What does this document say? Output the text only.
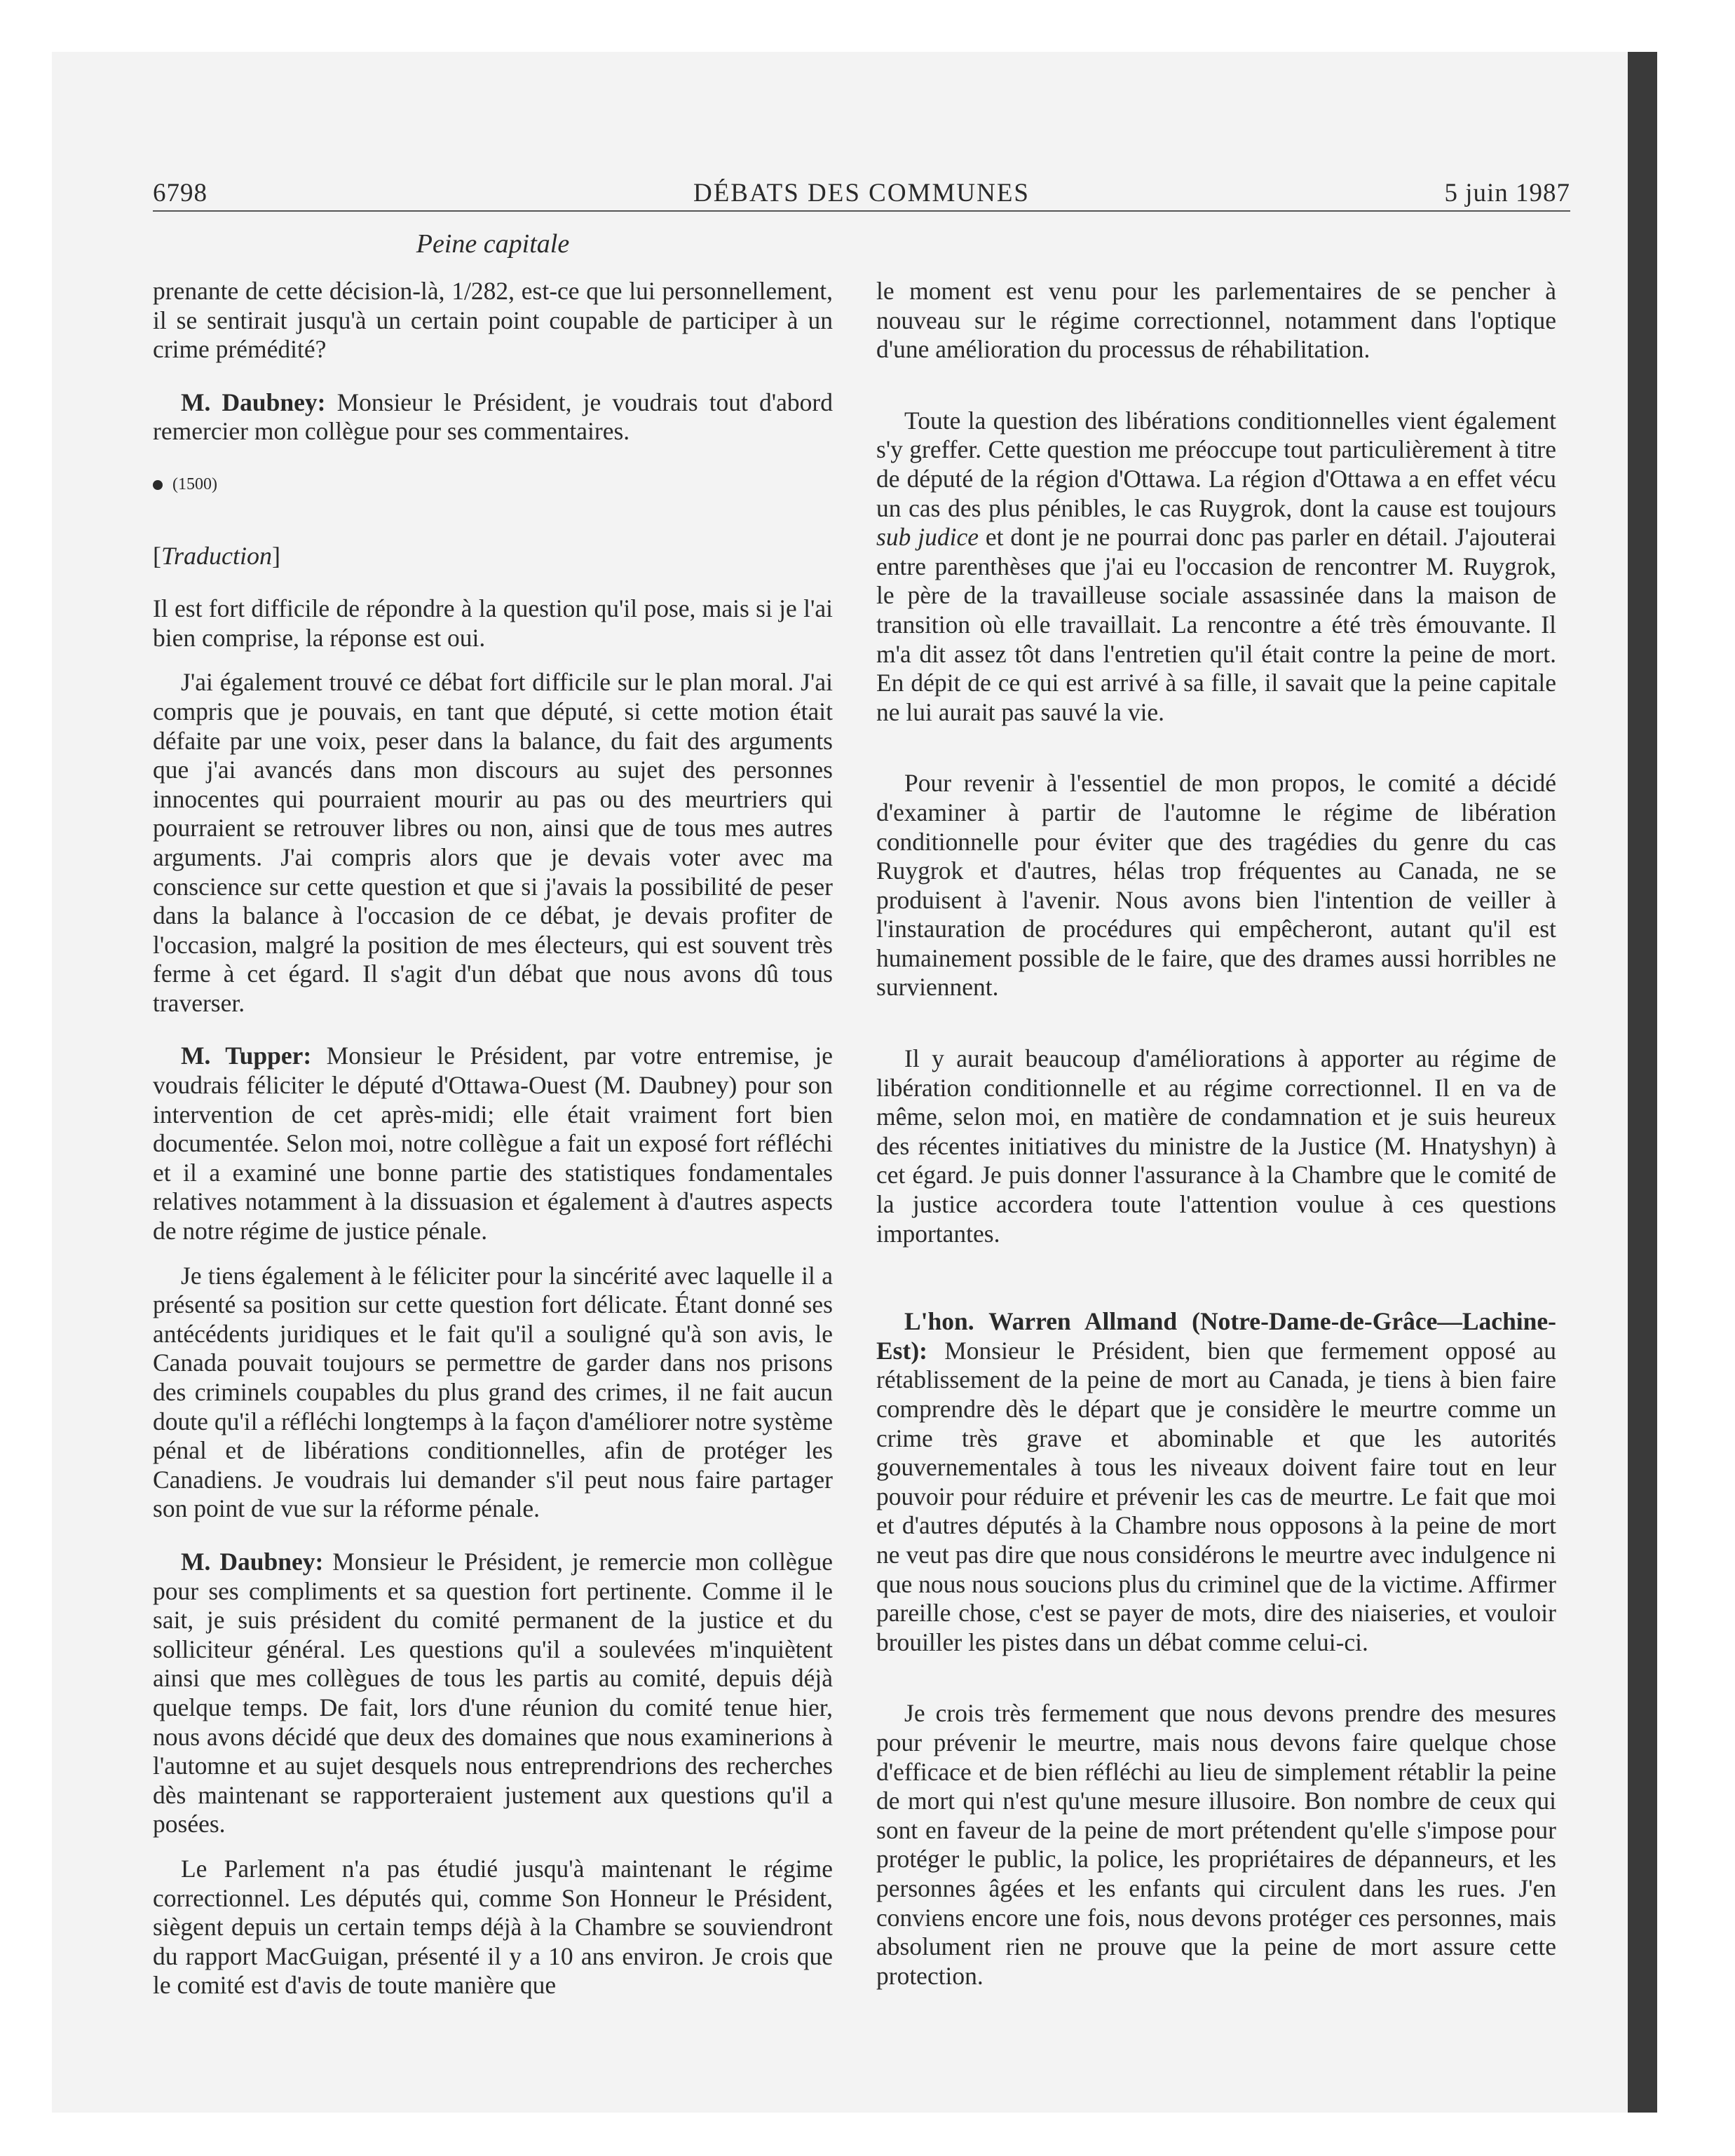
6798	DÉBATS DES COMMUNES	5 juin 1987
Peine capitale

prenante de cette décision-là, 1/282, est-ce que lui personnellement, il se sentirait jusqu'à un certain point coupable de participer à un crime prémédité?

M. Daubney: Monsieur le Président, je voudrais tout d'abord remercier mon collègue pour ses commentaires.

(1500)

[Traduction]

Il est fort difficile de répondre à la question qu'il pose, mais si je l'ai bien comprise, la réponse est oui.

J'ai également trouvé ce débat fort difficile sur le plan moral. J'ai compris que je pouvais, en tant que député, si cette motion était défaite par une voix, peser dans la balance, du fait des arguments que j'ai avancés dans mon discours au sujet des personnes innocentes qui pourraient mourir au pas ou des meurtriers qui pourraient se retrouver libres ou non, ainsi que de tous mes autres arguments. J'ai compris alors que je devais voter avec ma conscience sur cette question et que si j'avais la possibilité de peser dans la balance à l'occasion de ce débat, je devais profiter de l'occasion, malgré la position de mes électeurs, qui est souvent très ferme à cet égard. Il s'agit d'un débat que nous avons dû tous traverser.

M. Tupper: Monsieur le Président, par votre entremise, je voudrais féliciter le député d'Ottawa-Ouest (M. Daubney) pour son intervention de cet après-midi; elle était vraiment fort bien documentée. Selon moi, notre collègue a fait un exposé fort réfléchi et il a examiné une bonne partie des statistiques fondamentales relatives notamment à la dissuasion et également à d'autres aspects de notre régime de justice pénale.

Je tiens également à le féliciter pour la sincérité avec laquelle il a présenté sa position sur cette question fort délicate. Étant donné ses antécédents juridiques et le fait qu'il a souligné qu'à son avis, le Canada pouvait toujours se permettre de garder dans nos prisons des criminels coupables du plus grand des crimes, il ne fait aucun doute qu'il a réfléchi longtemps à la façon d'améliorer notre système pénal et de libérations conditionnelles, afin de protéger les Canadiens. Je voudrais lui demander s'il peut nous faire partager son point de vue sur la réforme pénale.

M. Daubney: Monsieur le Président, je remercie mon collègue pour ses compliments et sa question fort pertinente. Comme il le sait, je suis président du comité permanent de la justice et du solliciteur général. Les questions qu'il a soulevées m'inquiètent ainsi que mes collègues de tous les partis au comité, depuis déjà quelque temps. De fait, lors d'une réunion du comité tenue hier, nous avons décidé que deux des domaines que nous examinerions à l'automne et au sujet desquels nous entreprendrions des recherches dès maintenant se rapporteraient justement aux questions qu'il a posées.

Le Parlement n'a pas étudié jusqu'à maintenant le régime correctionnel. Les députés qui, comme Son Honneur le Président, siègent depuis un certain temps déjà à la Chambre se souviendront du rapport MacGuigan, présenté il y a 10 ans environ. Je crois que le comité est d'avis de toute manière que

le moment est venu pour les parlementaires de se pencher à nouveau sur le régime correctionnel, notamment dans l'optique d'une amélioration du processus de réhabilitation.

Toute la question des libérations conditionnelles vient également s'y greffer. Cette question me préoccupe tout particulièrement à titre de député de la région d'Ottawa. La région d'Ottawa a en effet vécu un cas des plus pénibles, le cas Ruygrok, dont la cause est toujours sub judice et dont je ne pourrai donc pas parler en détail. J'ajouterai entre parenthèses que j'ai eu l'occasion de rencontrer M. Ruygrok, le père de la travailleuse sociale assassinée dans la maison de transition où elle travaillait. La rencontre a été très émouvante. Il m'a dit assez tôt dans l'entretien qu'il était contre la peine de mort. En dépit de ce qui est arrivé à sa fille, il savait que la peine capitale ne lui aurait pas sauvé la vie.

Pour revenir à l'essentiel de mon propos, le comité a décidé d'examiner à partir de l'automne le régime de libération conditionnelle pour éviter que des tragédies du genre du cas Ruygrok et d'autres, hélas trop fréquentes au Canada, ne se produisent à l'avenir. Nous avons bien l'intention de veiller à l'instauration de procédures qui empêcheront, autant qu'il est humainement possible de le faire, que des drames aussi horribles ne surviennent.

Il y aurait beaucoup d'améliorations à apporter au régime de libération conditionnelle et au régime correctionnel. Il en va de même, selon moi, en matière de condamnation et je suis heureux des récentes initiatives du ministre de la Justice (M. Hnatyshyn) à cet égard. Je puis donner l'assurance à la Chambre que le comité de la justice accordera toute l'attention voulue à ces questions importantes.

L'hon. Warren Allmand (Notre-Dame-de-Grâce—Lachine-Est): Monsieur le Président, bien que fermement opposé au rétablissement de la peine de mort au Canada, je tiens à bien faire comprendre dès le départ que je considère le meurtre comme un crime très grave et abominable et que les autorités gouvernementales à tous les niveaux doivent faire tout en leur pouvoir pour réduire et prévenir les cas de meurtre. Le fait que moi et d'autres députés à la Chambre nous opposons à la peine de mort ne veut pas dire que nous considérons le meurtre avec indulgence ni que nous nous soucions plus du criminel que de la victime. Affirmer pareille chose, c'est se payer de mots, dire des niaiseries, et vouloir brouiller les pistes dans un débat comme celui-ci.

Je crois très fermement que nous devons prendre des mesures pour prévenir le meurtre, mais nous devons faire quelque chose d'efficace et de bien réfléchi au lieu de simplement rétablir la peine de mort qui n'est qu'une mesure illusoire. Bon nombre de ceux qui sont en faveur de la peine de mort prétendent qu'elle s'impose pour protéger le public, la police, les propriétaires de dépanneurs, et les personnes âgées et les enfants qui circulent dans les rues. J'en conviens encore une fois, nous devons protéger ces personnes, mais absolument rien ne prouve que la peine de mort assure cette protection.
